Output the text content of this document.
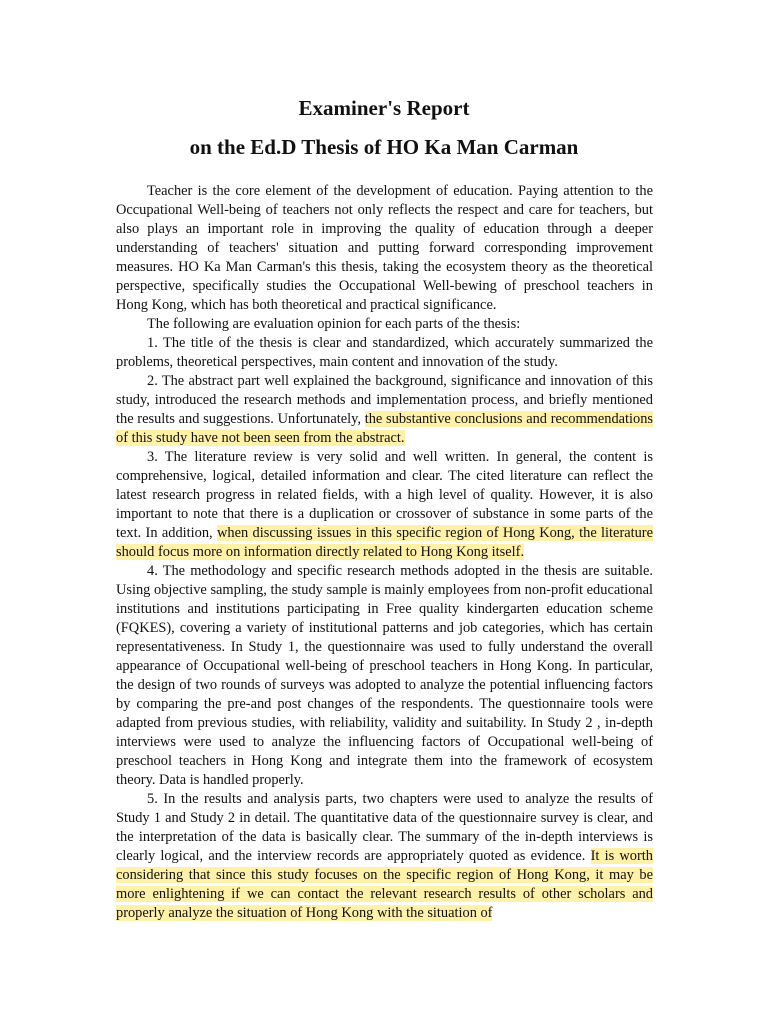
Examiner's Report

on the Ed.D Thesis of HO Ka Man Carman

Teacher is the core element of the development of education. Paying attention to the Occupational Well-being of teachers not only reflects the respect and care for teachers, but also plays an important role in improving the quality of education through a deeper understanding of teachers' situation and putting forward corresponding improvement measures. HO Ka Man Carman's this thesis, taking the ecosystem theory as the theoretical perspective, specifically studies the Occupational Well-bewing of preschool teachers in Hong Kong, which has both theoretical and practical significance.

The following are evaluation opinion for each parts of the thesis:

1. The title of the thesis is clear and standardized, which accurately summarized the problems, theoretical perspectives, main content and innovation of the study.

2. The abstract part well explained the background, significance and innovation of this study, introduced the research methods and implementation process, and briefly mentioned the results and suggestions. Unfortunately, the substantive conclusions and recommendations of this study have not been seen from the abstract.

3. The literature review is very solid and well written. In general, the content is comprehensive, logical, detailed information and clear. The cited literature can reflect the latest research progress in related fields, with a high level of quality. However, it is also important to note that there is a duplication or crossover of substance in some parts of the text. In addition, when discussing issues in this specific region of Hong Kong, the literature should focus more on information directly related to Hong Kong itself.

4. The methodology and specific research methods adopted in the thesis are suitable. Using objective sampling, the study sample is mainly employees from non-profit educational institutions and institutions participating in Free quality kindergarten education scheme (FQKES), covering a variety of institutional patterns and job categories, which has certain representativeness. In Study 1, the questionnaire was used to fully understand the overall appearance of Occupational well-being of preschool teachers in Hong Kong. In particular, the design of two rounds of surveys was adopted to analyze the potential influencing factors by comparing the pre-and post changes of the respondents. The questionnaire tools were adapted from previous studies, with reliability, validity and suitability. In Study 2 , in-depth interviews were used to analyze the influencing factors of Occupational well-being of preschool teachers in Hong Kong and integrate them into the framework of ecosystem theory. Data is handled properly.

5. In the results and analysis parts, two chapters were used to analyze the results of Study 1 and Study 2 in detail. The quantitative data of the questionnaire survey is clear, and the interpretation of the data is basically clear. The summary of the in-depth interviews is clearly logical, and the interview records are appropriately quoted as evidence. It is worth considering that since this study focuses on the specific region of Hong Kong, it may be more enlightening if we can contact the relevant research results of other scholars and properly analyze the situation of Hong Kong with the situation of
